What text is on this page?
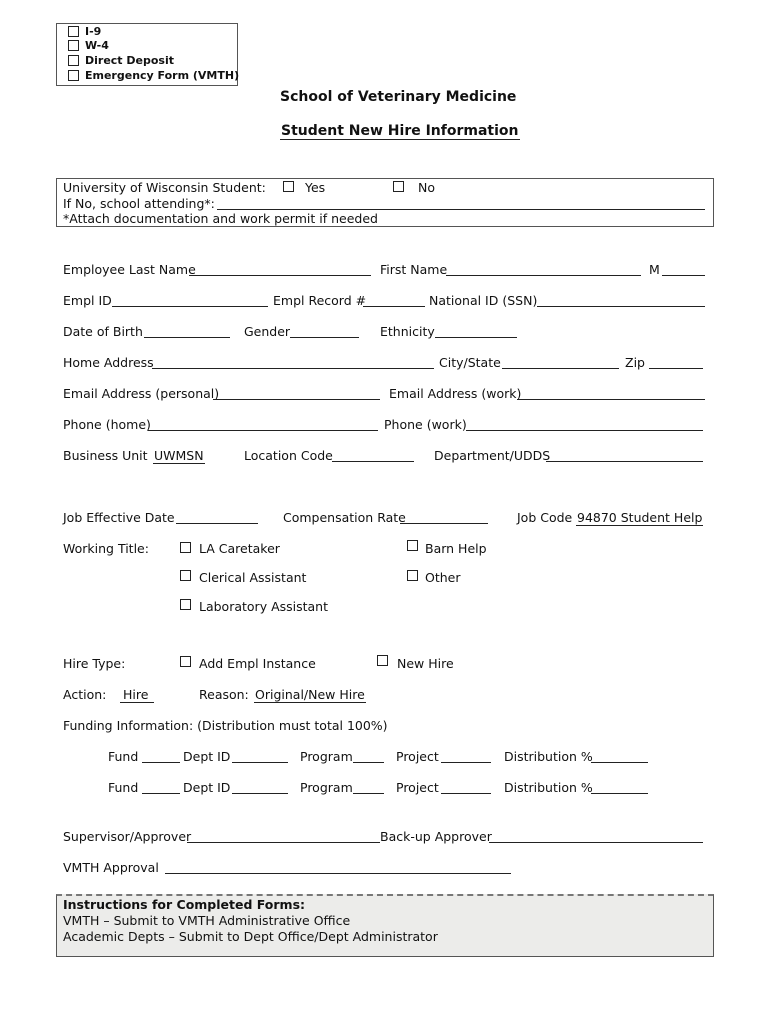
I-9
W-4
Direct Deposit
Emergency Form (VMTH)
School of Veterinary Medicine
Student New Hire Information
University of Wisconsin Student:	Yes	No
If No, school attending*:
*Attach documentation and work permit if needed
Employee Last Name	First Name	M
Empl ID	Empl Record #	National ID (SSN)
Date of Birth	Gender	Ethnicity
Home Address	City/State	Zip
Email Address (personal)	Email Address (work)
Phone (home)	Phone (work)
Business Unit UWMSN	Location Code	Department/UDDS
Job Effective Date	Compensation Rate	Job Code 94870 Student Help
Working Title:	LA Caretaker	Barn Help
Clerical Assistant	Other
Laboratory Assistant
Hire Type:	Add Empl Instance	New Hire
Action: Hire	Reason: Original/New Hire
Funding Information: (Distribution must total 100%)
Fund	Dept ID	Program	Project	Distribution %
Fund	Dept ID	Program	Project	Distribution %
Supervisor/Approver	Back-up Approver
VMTH Approval
Instructions for Completed Forms:
VMTH – Submit to VMTH Administrative Office
Academic Depts – Submit to Dept Office/Dept Administrator
